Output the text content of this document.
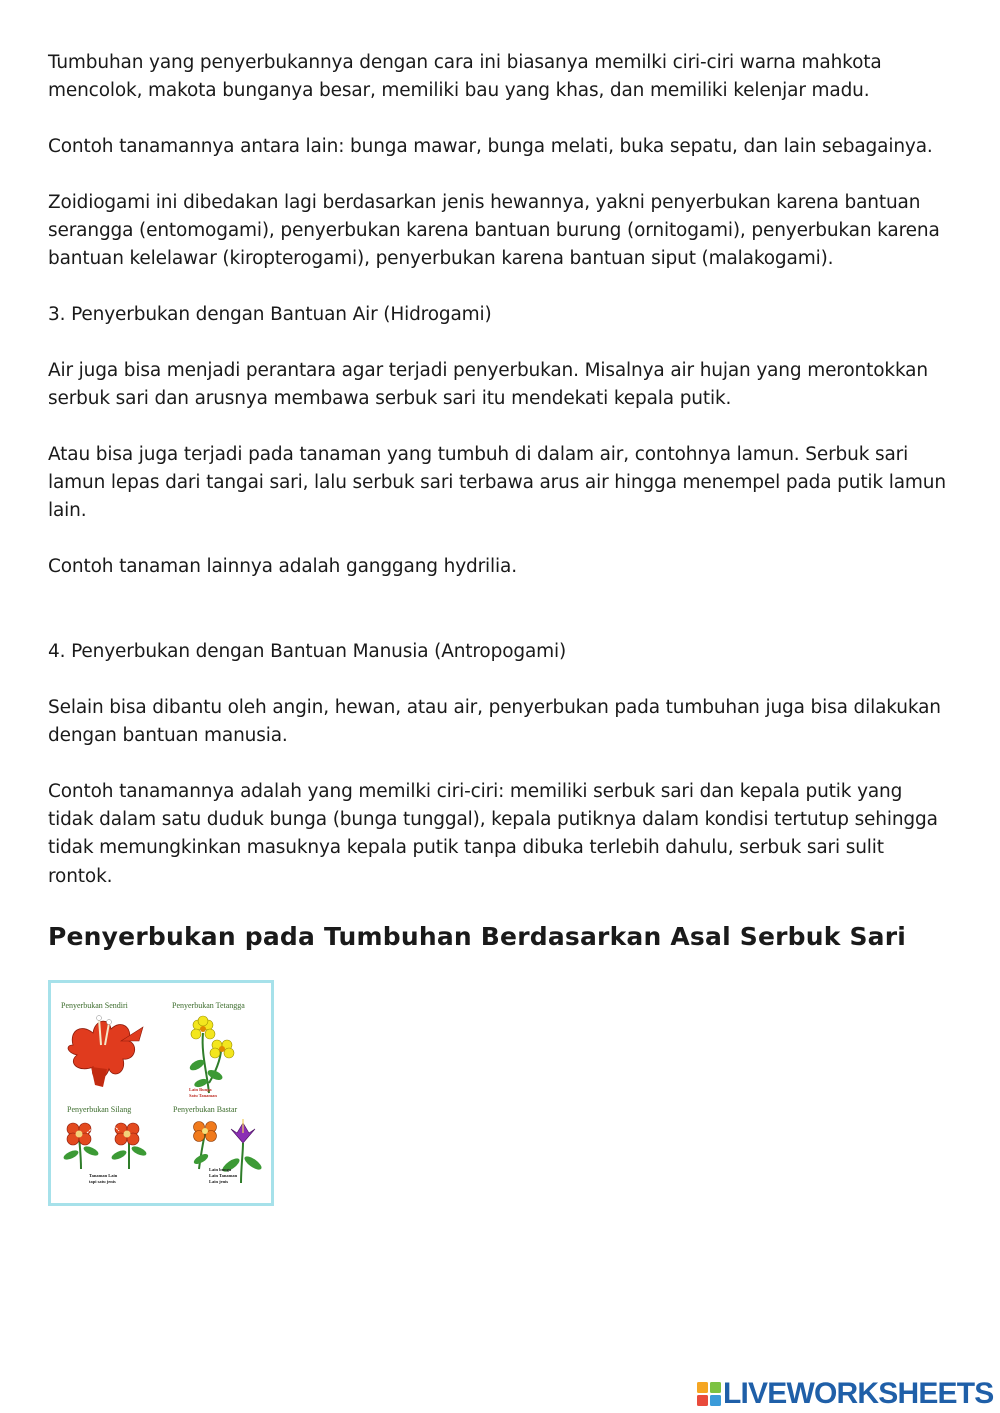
Tumbuhan yang penyerbukannya dengan cara ini biasanya memilki ciri-ciri warna mahkota mencolok, makota bunganya besar, memiliki bau yang khas, dan memiliki kelenjar madu.

Contoh tanamannya antara lain: bunga mawar, bunga melati, buka sepatu, dan lain sebagainya.

Zoidiogami ini dibedakan lagi berdasarkan jenis hewannya, yakni penyerbukan karena bantuan serangga (entomogami), penyerbukan karena bantuan burung (ornitogami), penyerbukan karena bantuan kelelawar (kiropterogami), penyerbukan karena bantuan siput (malakogami).

3. Penyerbukan dengan Bantuan Air (Hidrogami)

Air juga bisa menjadi perantara agar terjadi penyerbukan. Misalnya air hujan yang merontokkan serbuk sari dan arusnya membawa serbuk sari itu mendekati kepala putik.

Atau bisa juga terjadi pada tanaman yang tumbuh di dalam air, contohnya lamun. Serbuk sari lamun lepas dari tangai sari, lalu serbuk sari terbawa arus air hingga menempel pada putik lamun lain.

Contoh tanaman lainnya adalah ganggang hydrilia.

4. Penyerbukan dengan Bantuan Manusia (Antropogami)

Selain bisa dibantu oleh angin, hewan, atau air, penyerbukan pada tumbuhan juga bisa dilakukan dengan bantuan manusia.

Contoh tanamannya adalah yang memilki ciri-ciri: memiliki serbuk sari dan kepala putik yang tidak dalam satu duduk bunga (bunga tunggal), kepala putiknya dalam kondisi tertutup sehingga tidak memungkinkan masuknya kepala putik tanpa dibuka terlebih dahulu, serbuk sari sulit rontok.

Penyerbukan pada Tumbuhan Berdasarkan Asal Serbuk Sari
Penyerbukan Sendiri	Penyerbukan Tetangga
Penyerbukan Silang	Penyerbukan Bastar
Lain Bunga
Satu Tanaman
Tanaman Lain
tapi satu jenis
Lain bunga
Lain Tanaman
Lain jenis
LIVEWORKSHEETS
